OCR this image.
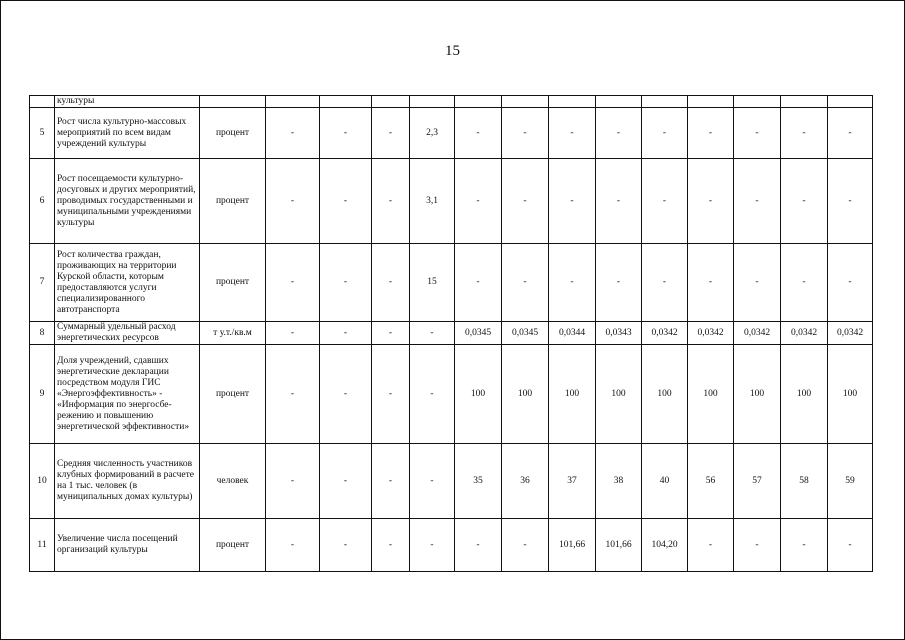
15
	культуры														
5	Рост числа культурно-массовых мероприятий по всем видам учреждений культуры	процент	-	-	-	2,3	-	-	-	-	-	-	-	-	-
6	Рост посещаемости культурно-досуговых и других мероприятий, проводимых государственными и муниципальными учреждениями культуры	процент	-	-	-	3,1	-	-	-	-	-	-	-	-	-
7	Рост количества граждан, проживающих на территории Курской области, которым предоставляются услуги специализированного автотранспорта	процент	-	-	-	15	-	-	-	-	-	-	-	-	-
8	Суммарный удельный расход энергетических ресурсов	т у.т./кв.м	-	-	-	-	0,0345	0,0345	0,0344	0,0343	0,0342	0,0342	0,0342	0,0342	0,0342
9	Доля учреждений, сдавших энергетические декларации посредством модуля ГИС «Энергоэффективность» - «Информация по энергосбе-режению и повышению энергетической эффективности»	процент	-	-	-	-	100	100	100	100	100	100	100	100	100
10	Средняя численность участников клубных формирований в расчете на 1 тыс. человек (в муниципальных домах культуры)	человек	-	-	-	-	35	36	37	38	40	56	57	58	59
11	Увеличение числа посещений организаций культуры	процент	-	-	-	-	-	-	101,66	101,66	104,20	-	-	-	-
